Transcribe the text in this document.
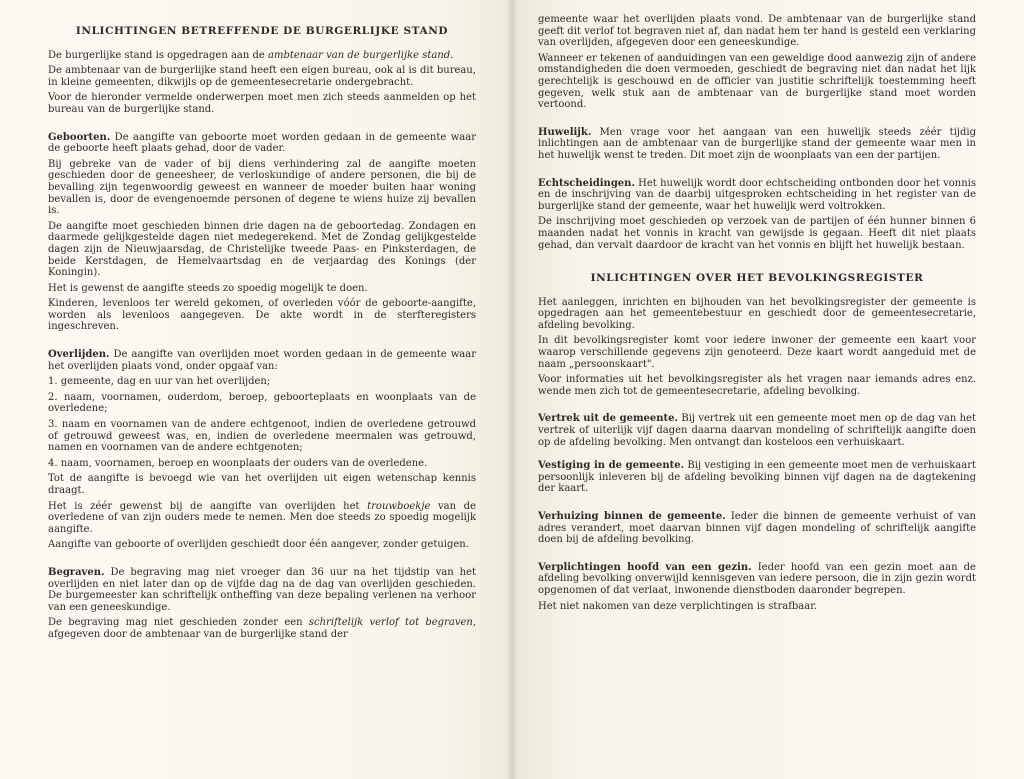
INLICHTINGEN BETREFFENDE DE BURGERLIJKE STAND

De burgerlijke stand is opgedragen aan de ambtenaar van de burgerlijke stand.

De ambtenaar van de burgerlijke stand heeft een eigen bureau, ook al is dit bureau, in kleine gemeenten, dikwijls op de gemeentesecretarie ondergebracht.

Voor de hieronder vermelde onderwerpen moet men zich steeds aanmelden op het bureau van de burgerlijke stand.

Geboorten. De aangifte van geboorte moet worden gedaan in de gemeente waar de geboorte heeft plaats gehad, door de vader.

Bij gebreke van de vader of bij diens verhindering zal de aangifte moeten geschieden door de geneesheer, de verloskundige of andere personen, die bij de bevalling zijn tegenwoordig geweest en wanneer de moeder buiten haar woning bevallen is, door de evengenoemde personen of degene te wiens huize zij bevallen is.

De aangifte moet geschieden binnen drie dagen na de geboortedag. Zondagen en daarmede gelijkgestelde dagen niet medegerekend. Met de Zondag gelijkgestelde dagen zijn de Nieuwjaarsdag, de Christelijke tweede Paas- en Pinksterdagen, de beide Kerstdagen, de Hemelvaartsdag en de verjaardag des Konings (der Koningin).

Het is gewenst de aangifte steeds zo spoedig mogelijk te doen.

Kinderen, levenloos ter wereld gekomen, of overleden vóór de geboorte-aangifte, worden als levenloos aangegeven. De akte wordt in de sterfteregisters ingeschreven.

Overlijden. De aangifte van overlijden moet worden gedaan in de gemeente waar het overlijden plaats vond, onder opgaaf van:

1. gemeente, dag en uur van het overlijden;

2. naam, voornamen, ouderdom, beroep, geboorteplaats en woonplaats van de overledene;

3. naam en voornamen van de andere echtgenoot, indien de overledene getrouwd of getrouwd geweest was, en, indien de overledene meermalen was getrouwd, namen en voornamen van de andere echtgenoten;

4. naam, voornamen, beroep en woonplaats der ouders van de overledene.

Tot de aangifte is bevoegd wie van het overlijden uit eigen wetenschap kennis draagt.

Het is zéér gewenst bij de aangifte van overlijden het trouwboekje van de overledene of van zijn ouders mede te nemen. Men doe steeds zo spoedig mogelijk aangifte.

Aangifte van geboorte of overlijden geschiedt door één aangever, zonder getuigen.

Begraven. De begraving mag niet vroeger dan 36 uur na het tijdstip van het overlijden en niet later dan op de vijfde dag na de dag van overlijden geschieden. De burgemeester kan schriftelijk ontheffing van deze bepaling verlenen na verhoor van een geneeskundige.

De begraving mag niet geschieden zonder een schriftelijk verlof tot begraven, afgegeven door de ambtenaar van de burgerlijke stand der

gemeente waar het overlijden plaats vond. De ambtenaar van de burgerlijke stand geeft dit verlof tot begraven niet af, dan nadat hem ter hand is gesteld een verklaring van overlijden, afgegeven door een geneeskundige.

Wanneer er tekenen of aanduidingen van een geweldige dood aanwezig zijn of andere omstandigheden die doen vermoeden, geschiedt de begraving niet dan nadat het lijk gerechtelijk is geschouwd en de officier van justitie schriftelijk toestemming heeft gegeven, welk stuk aan de ambtenaar van de burgerlijke stand moet worden vertoond.

Huwelijk. Men vrage voor het aangaan van een huwelijk steeds zéér tijdig inlichtingen aan de ambtenaar van de burgerlijke stand der gemeente waar men in het huwelijk wenst te treden. Dit moet zijn de woonplaats van een der partijen.

Echtscheidingen. Het huwelijk wordt door echtscheiding ontbonden door het vonnis en de inschrijving van de daarbij uitgesproken echtscheiding in het register van de burgerlijke stand der gemeente, waar het huwelijk werd voltrokken.

De inschrijving moet geschieden op verzoek van de partijen of één hunner binnen 6 maanden nadat het vonnis in kracht van gewijsde is gegaan. Heeft dit niet plaats gehad, dan vervalt daardoor de kracht van het vonnis en blijft het huwelijk bestaan.

INLICHTINGEN OVER HET BEVOLKINGSREGISTER

Het aanleggen, inrichten en bijhouden van het bevolkingsregister der gemeente is opgedragen aan het gemeentebestuur en geschiedt door de gemeentesecretarie, afdeling bevolking.

In dit bevolkingsregister komt voor iedere inwoner der gemeente een kaart voor waarop verschillende gegevens zijn genoteerd. Deze kaart wordt aangeduid met de naam „persoonskaart".

Voor informaties uit het bevolkingsregister als het vragen naar iemands adres enz. wende men zich tot de gemeentesecretarie, afdeling bevolking.

Vertrek uit de gemeente. Bij vertrek uit een gemeente moet men op de dag van het vertrek of uiterlijk vijf dagen daarna daarvan mondeling of schriftelijk aangifte doen op de afdeling bevolking. Men ontvangt dan kosteloos een verhuiskaart.

Vestiging in de gemeente. Bij vestiging in een gemeente moet men de verhuiskaart persoonlijk inleveren bij de afdeling bevolking binnen vijf dagen na de dagtekening der kaart.

Verhuizing binnen de gemeente. Ieder die binnen de gemeente verhuist of van adres verandert, moet daarvan binnen vijf dagen mondeling of schriftelijk aangifte doen bij de afdeling bevolking.

Verplichtingen hoofd van een gezin. Ieder hoofd van een gezin moet aan de afdeling bevolking onverwijld kennisgeven van iedere persoon, die in zijn gezin wordt opgenomen of dat verlaat, inwonende dienstboden daaronder begrepen.

Het niet nakomen van deze verplichtingen is strafbaar.
